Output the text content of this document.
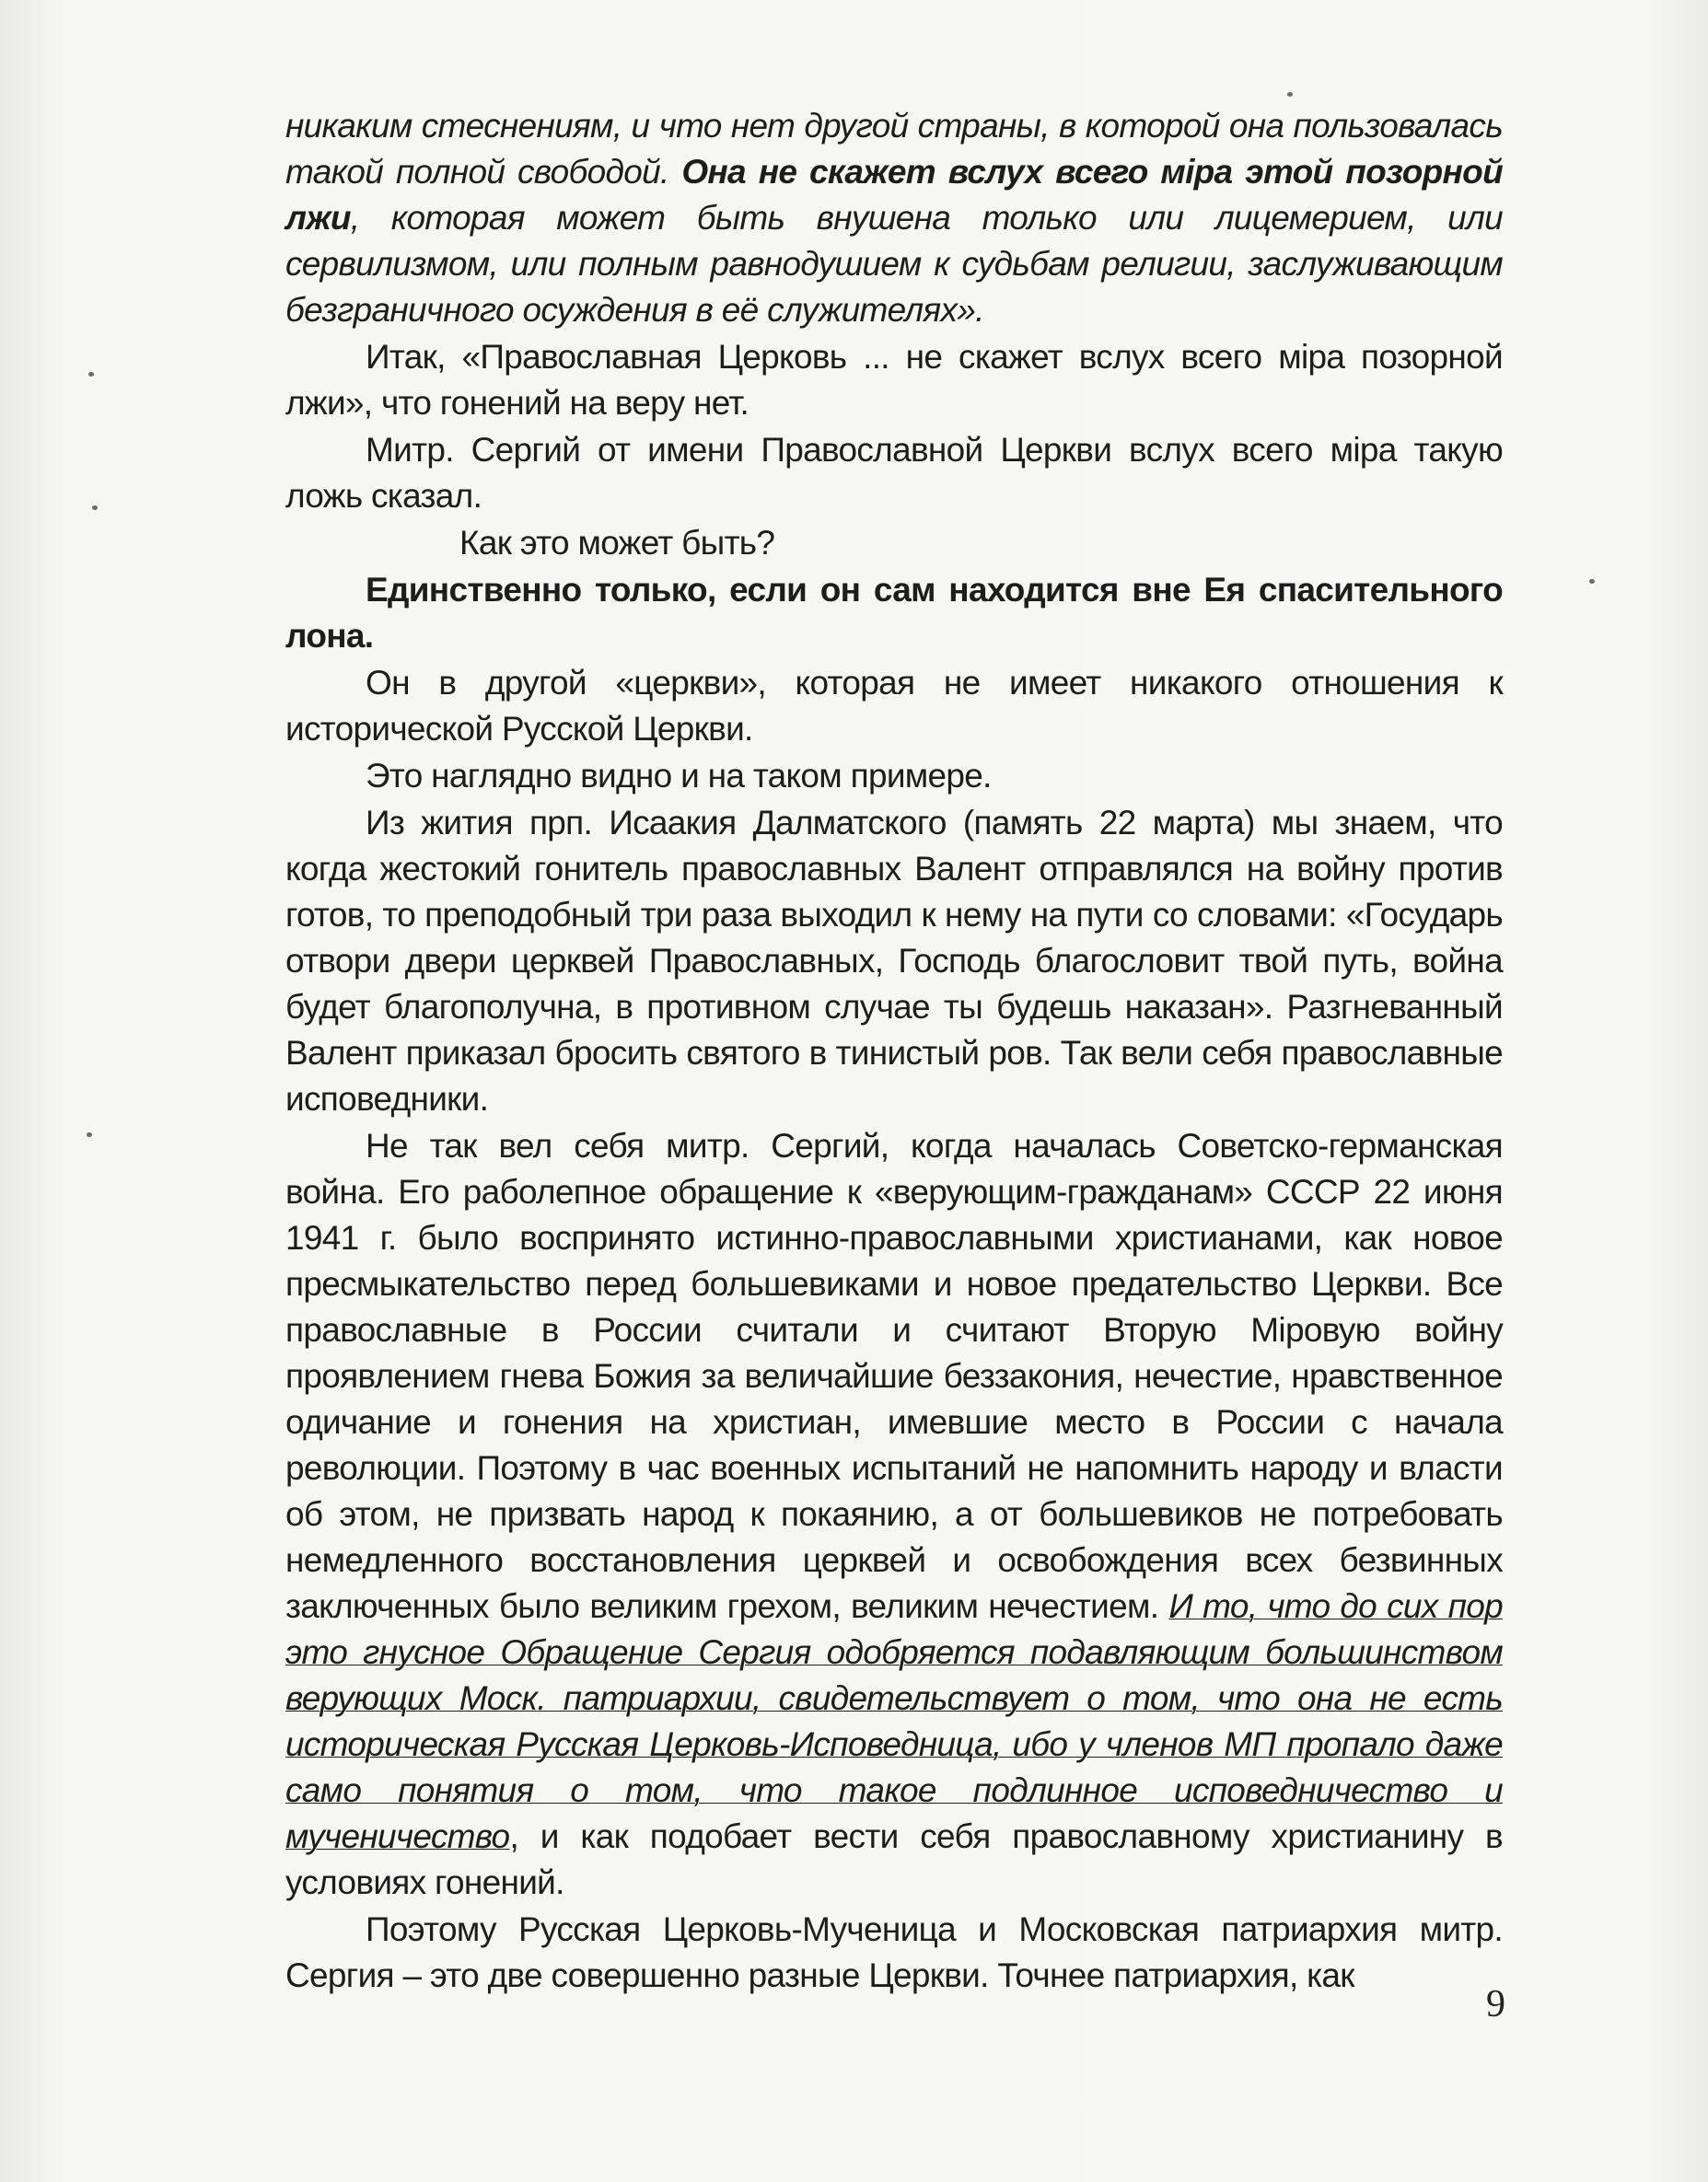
никаким стеснениям, и что нет другой страны, в которой она пользовалась такой полной свободой. Она не скажет вслух всего міра этой позорной лжи, которая может быть внушена только или лицемерием, или сервилизмом, или полным равнодушием к судьбам религии, заслуживающим безграничного осуждения в её служителях».

Итак, «Православная Церковь ... не скажет вслух всего міра позорной лжи», что гонений на веру нет.

Митр. Сергий от имени Православной Церкви вслух всего міра такую ложь сказал.

Как это может быть?

Единственно только, если он сам находится вне Ея спасительного лона.

Он в другой «церкви», которая не имеет никакого отношения к исторической Русской Церкви.

Это наглядно видно и на таком примере.

Из жития прп. Исаакия Далматского (память 22 марта) мы знаем, что когда жестокий гонитель православных Валент отправлялся на войну против готов, то преподобный три раза выходил к нему на пути со словами: «Государь отвори двери церквей Православных, Господь благословит твой путь, война будет благополучна, в противном случае ты будешь наказан». Разгневанный Валент приказал бросить святого в тинистый ров. Так вели себя православные исповедники.

Не так вел себя митр. Сергий, когда началась Советско-германская война. Его раболепное обращение к «верующим-гражданам» СССР 22 июня 1941 г. было воспринято истинно-православными христианами, как новое пресмыкательство перед большевиками и новое предательство Церкви. Все православные в России считали и считают Вторую Міровую войну проявлением гнева Божия за величайшие беззакония, нечестие, нравственное одичание и гонения на христиан, имевшие место в России с начала революции. Поэтому в час военных испытаний не напомнить народу и власти об этом, не призвать народ к покаянию, а от большевиков не потребовать немедленного восстановления церквей и освобождения всех безвинных заключенных было великим грехом, великим нечестием. И то, что до сих пор это гнусное Обращение Сергия одобряется подавляющим большинством верующих Моск. патриархии, свидетельствует о том, что она не есть историческая Русская Церковь-Исповедница, ибо у членов МП пропало даже само понятия о том, что такое подлинное исповедничество и мученичество, и как подобает вести себя православному христианину в условиях гонений.

Поэтому Русская Церковь-Мученица и Московская патриархия митр. Сергия – это две совершенно разные Церкви. Точнее патриархия, как

9
